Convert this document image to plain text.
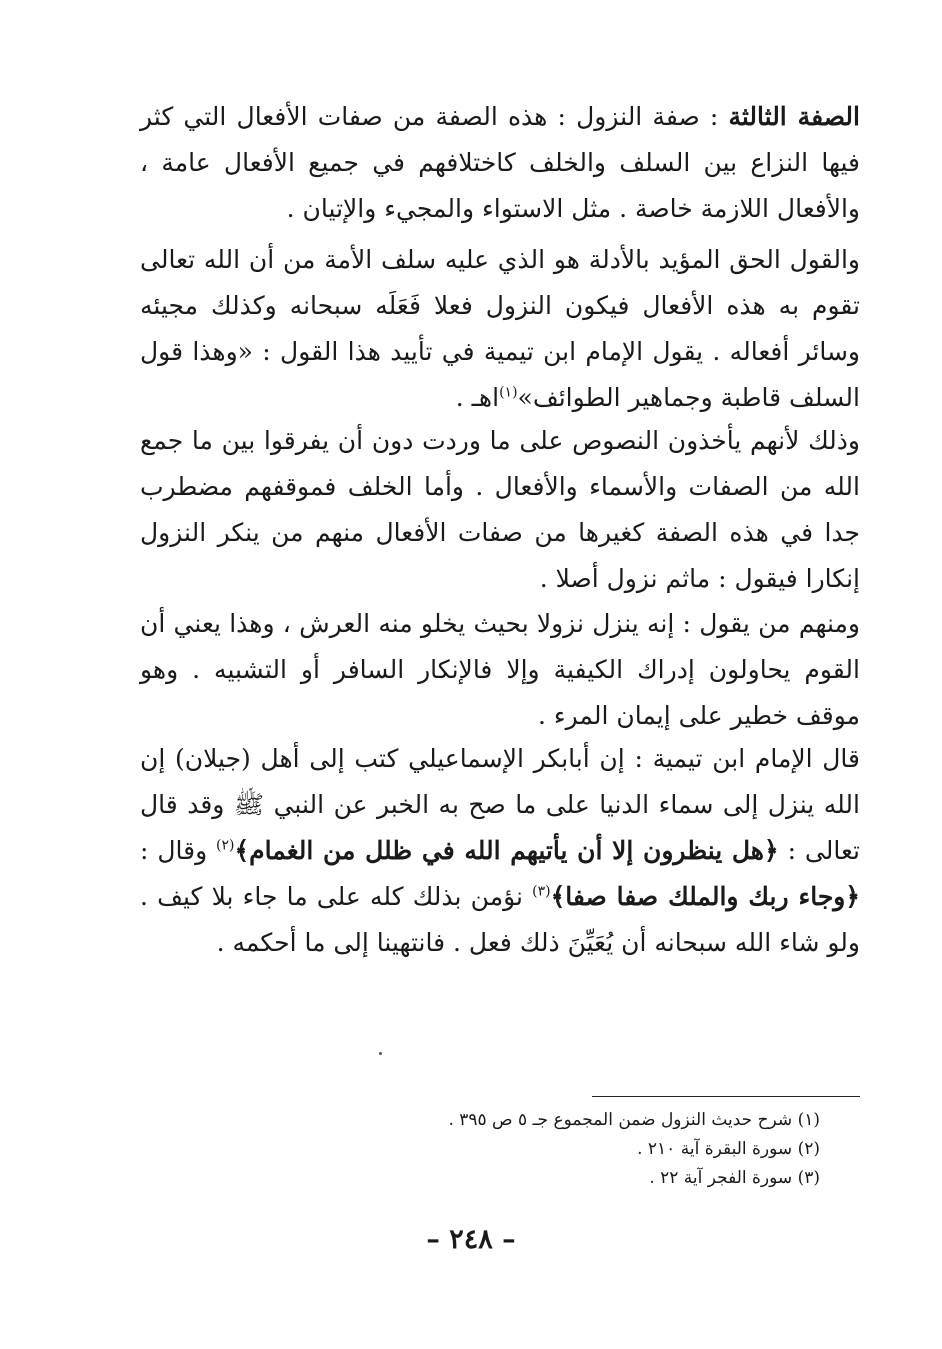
الصفة الثالثة : صفة النزول : هذه الصفة من صفات الأفعال التي كثر فيها النزاع بين السلف والخلف كاختلافهم في جميع الأفعال عامة ، والأفعال اللازمة خاصة . مثل الاستواء والمجيء والإتيان .

والقول الحق المؤيد بالأدلة هو الذي عليه سلف الأمة من أن الله تعالى تقوم به هذه الأفعال فيكون النزول فعلا فَعَلَه سبحانه وكذلك مجيئه وسائر أفعاله . يقول الإمام ابن تيمية في تأييد هذا القول : «وهذا قول السلف قاطبة وجماهير الطوائف»$^{(١)}$اهـ .

وذلك لأنهم يأخذون النصوص على ما وردت دون أن يفرقوا بين ما جمع الله من الصفات والأسماء والأفعال . وأما الخلف فموقفهم مضطرب جدا في هذه الصفة كغيرها من صفات الأفعال منهم من ينكر النزول إنكارا فيقول : ماثم نزول أصلا .

ومنهم من يقول : إنه ينزل نزولا بحيث يخلو منه العرش ، وهذا يعني أن القوم يحاولون إدراك الكيفية وإلا فالإنكار السافر أو التشبيه . وهو موقف خطير على إيمان المرء .

قال الإمام ابن تيمية : إن أبابكر الإسماعيلي كتب إلى أهل (جيلان) إن الله ينزل إلى سماء الدنيا على ما صح به الخبر عن النبي ﷺ وقد قال تعالى : ﴿هل ينظرون إلا أن يأتيهم الله في ظلل من الغمام﴾$^{(٢)}$ وقال : ﴿وجاء ربك والملك صفا صفا﴾$^{(٣)}$ نؤمن بذلك كله على ما جاء بلا كيف . ولو شاء الله سبحانه أن يُعَيِّنَ ذلك فعل . فانتهينا إلى ما أحكمه .

(١) شرح حديث النزول ضمن المجموع جـ ٥ ص ٣٩٥ .

(٢) سورة البقرة آية ٢١٠ .

(٣) سورة الفجر آية ٢٢ .

– ٢٤٨ –
